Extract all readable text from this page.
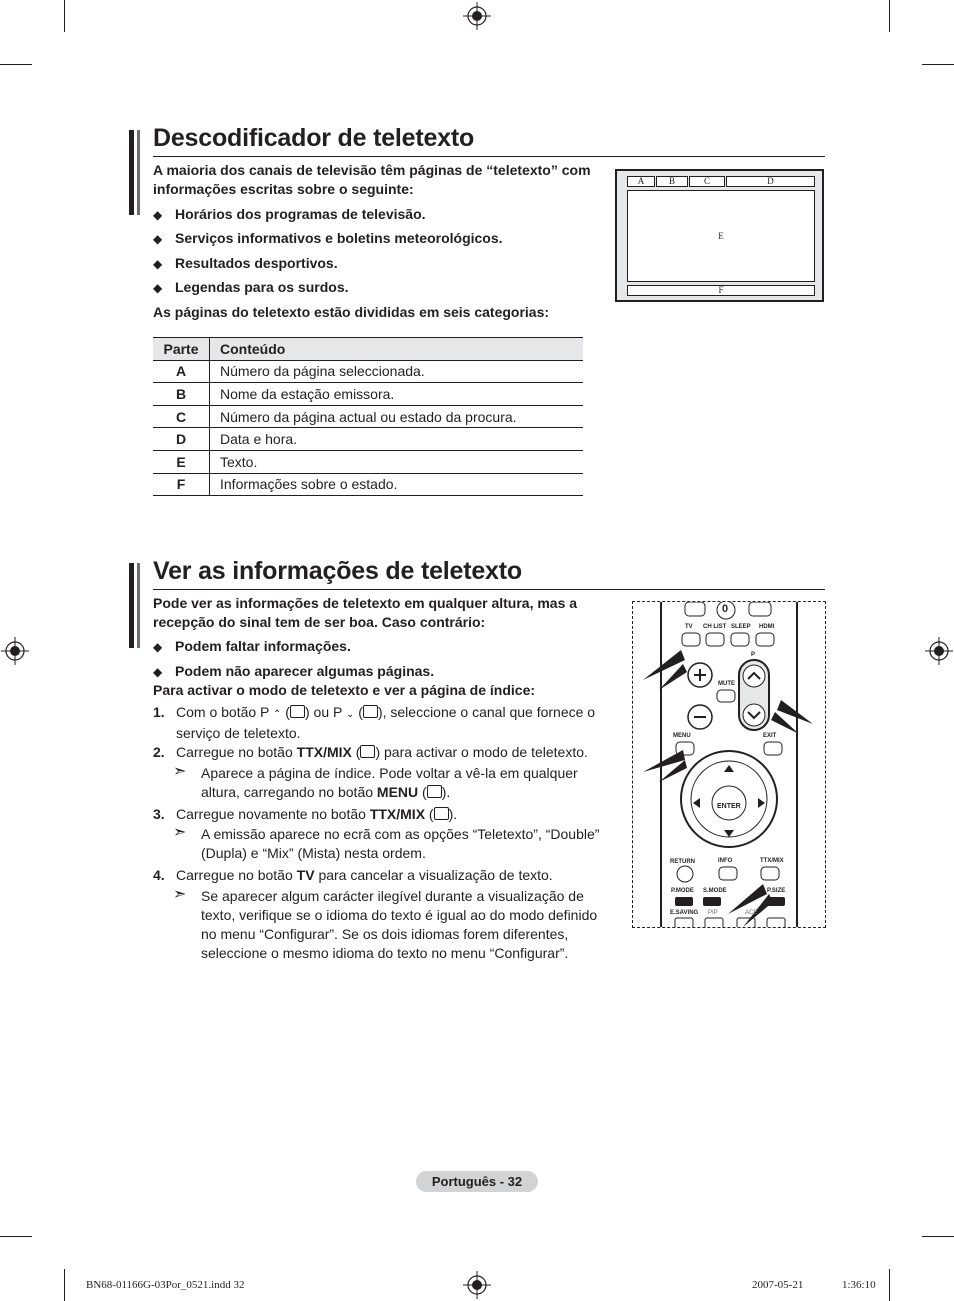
Descodificador de teletexto
A maioria dos canais de televisão têm páginas de “teletexto” com informações escritas sobre o seguinte:
◆ Horários dos programas de televisão.
◆ Serviços informativos e boletins meteorológicos.
◆ Resultados desportivos.
◆ Legendas para os surdos.
As páginas do teletexto estão divididas em seis categorias:
Parte	Conteúdo
A	Número da página seleccionada.
B	Nome da estação emissora.
C	Número da página actual ou estado da procura.
D	Data e hora.
E	Texto.
F	Informações sobre o estado.
A	B	C	D
E
F
Ver as informações de teletexto
Pode ver as informações de teletexto em qualquer altura, mas a recepção do sinal tem de ser boa. Caso contrário:
◆ Podem faltar informações.
◆ Podem não aparecer algumas páginas.
Para activar o modo de teletexto e ver a página de índice:
1. Com o botão P ⌃ ( ) ou P ⌄ ( ), seleccione o canal que fornece o serviço de teletexto.
2. Carregue no botão TTX/MIX ( ) para activar o modo de teletexto.
➣ Aparece a página de índice. Pode voltar a vê-la em qualquer altura, carregando no botão MENU ( ).
3. Carregue novamente no botão TTX/MIX ( ).
A emissão aparece no ecrã com as opções “Teletexto”, “Double” (Dupla) e “Mix” (Mista) nesta ordem.
➣
4. Carregue no botão TV para cancelar a visualização de texto.
Se aparecer algum carácter ilegível durante a visualização de texto, verifique se o idioma do texto é igual ao do modo definido no menu “Configurar”. Se os dois idiomas forem diferentes, seleccione o mesmo idioma do texto no menu “Configurar”.
➣
0
TV CH LIST SLEEP HDMI
P
MUTE
MENU	EXIT
ENTER
RETURN	INFO	TTX/MIX
P.MODE S.MODE	P.SIZE
E.SAVING PIP	ACE
Português - 32
BN68-01166G-03Por_0521.indd 32	2007-05-21	1:36:10
